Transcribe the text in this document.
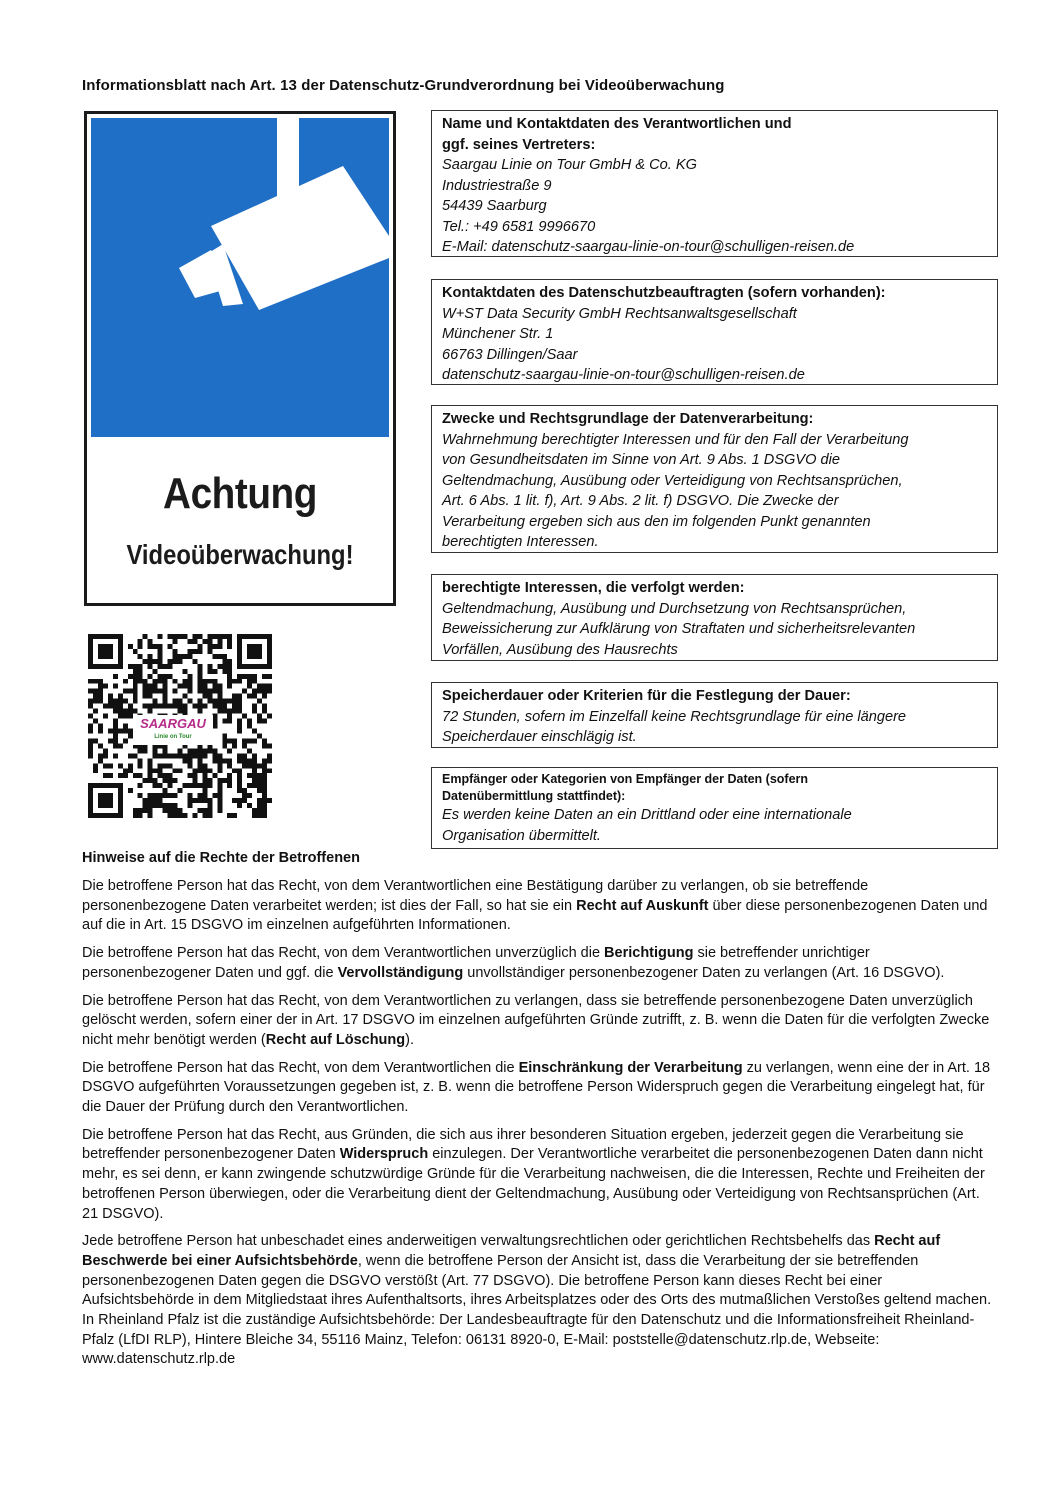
Informationsblatt nach Art. 13 der Datenschutz-Grundverordnung bei Videoüberwachung
Achtung
Videoüberwachung!
SAARGAU
Linie on Tour
Name und Kontaktdaten des Verantwortlichen und
ggf. seines Vertreters:
Saargau Linie on Tour GmbH & Co. KG
Industriestraße 9
54439 Saarburg
Tel.: +49 6581 9996670
E-Mail: datenschutz-saargau-linie-on-tour@schulligen-reisen.de
Kontaktdaten des Datenschutzbeauftragten (sofern vorhanden):
W+ST Data Security GmbH Rechtsanwaltsgesellschaft
Münchener Str. 1
66763 Dillingen/Saar
datenschutz-saargau-linie-on-tour@schulligen-reisen.de
Zwecke und Rechtsgrundlage der Datenverarbeitung:
Wahrnehmung berechtigter Interessen und für den Fall der Verarbeitung
von Gesundheitsdaten im Sinne von Art. 9 Abs. 1 DSGVO die
Geltendmachung, Ausübung oder Verteidigung von Rechtsansprüchen,
Art. 6 Abs. 1 lit. f), Art. 9 Abs. 2 lit. f) DSGVO. Die Zwecke der
Verarbeitung ergeben sich aus den im folgenden Punkt genannten
berechtigten Interessen.
berechtigte Interessen, die verfolgt werden:
Geltendmachung, Ausübung und Durchsetzung von Rechtsansprüchen,
Beweissicherung zur Aufklärung von Straftaten und sicherheitsrelevanten
Vorfällen, Ausübung des Hausrechts
Speicherdauer oder Kriterien für die Festlegung der Dauer:
72 Stunden, sofern im Einzelfall keine Rechtsgrundlage für eine längere
Speicherdauer einschlägig ist.
Empfänger oder Kategorien von Empfänger der Daten (sofern
Datenübermittlung stattfindet):
Es werden keine Daten an ein Drittland oder eine internationale
Organisation übermittelt.
Hinweise auf die Rechte der Betroffenen

Die betroffene Person hat das Recht, von dem Verantwortlichen eine Bestätigung darüber zu verlangen, ob sie betreffende personenbezogene Daten verarbeitet werden; ist dies der Fall, so hat sie ein Recht auf Auskunft über diese personenbezogenen Daten und auf die in Art. 15 DSGVO im einzelnen aufgeführten Informationen.

Die betroffene Person hat das Recht, von dem Verantwortlichen unverzüglich die Berichtigung sie betreffender unrichtiger personenbezogener Daten und ggf. die Vervollständigung unvollständiger personenbezogener Daten zu verlangen (Art. 16 DSGVO).

Die betroffene Person hat das Recht, von dem Verantwortlichen zu verlangen, dass sie betreffende personenbezogene Daten unverzüglich gelöscht werden, sofern einer der in Art. 17 DSGVO im einzelnen aufgeführten Gründe zutrifft, z. B. wenn die Daten für die verfolgten Zwecke nicht mehr benötigt werden (Recht auf Löschung).

Die betroffene Person hat das Recht, von dem Verantwortlichen die Einschränkung der Verarbeitung zu verlangen, wenn eine der in Art. 18 DSGVO aufgeführten Voraussetzungen gegeben ist, z. B. wenn die betroffene Person Widerspruch gegen die Verarbeitung eingelegt hat, für die Dauer der Prüfung durch den Verantwortlichen.

Die betroffene Person hat das Recht, aus Gründen, die sich aus ihrer besonderen Situation ergeben, jederzeit gegen die Verarbeitung sie betreffender personenbezogener Daten Widerspruch einzulegen. Der Verantwortliche verarbeitet die personenbezogenen Daten dann nicht mehr, es sei denn, er kann zwingende schutzwürdige Gründe für die Verarbeitung nachweisen, die die Interessen, Rechte und Freiheiten der betroffenen Person überwiegen, oder die Verarbeitung dient der Geltendmachung, Ausübung oder Verteidigung von Rechtsansprüchen (Art. 21 DSGVO).

Jede betroffene Person hat unbeschadet eines anderweitigen verwaltungsrechtlichen oder gerichtlichen Rechtsbehelfs das Recht auf Beschwerde bei einer Aufsichtsbehörde, wenn die betroffene Person der Ansicht ist, dass die Verarbeitung der sie betreffenden personenbezogenen Daten gegen die DSGVO verstößt (Art. 77 DSGVO). Die betroffene Person kann dieses Recht bei einer Aufsichtsbehörde in dem Mitgliedstaat ihres Aufenthaltsorts, ihres Arbeitsplatzes oder des Orts des mutmaßlichen Verstoßes geltend machen. In Rheinland Pfalz ist die zuständige Aufsichtsbehörde: Der Landesbeauftragte für den Datenschutz und die Informationsfreiheit Rheinland-Pfalz (LfDI RLP), Hintere Bleiche 34, 55116 Mainz, Telefon: 06131 8920-0, E-Mail: poststelle@datenschutz.rlp.de, Webseite: www.datenschutz.rlp.de
